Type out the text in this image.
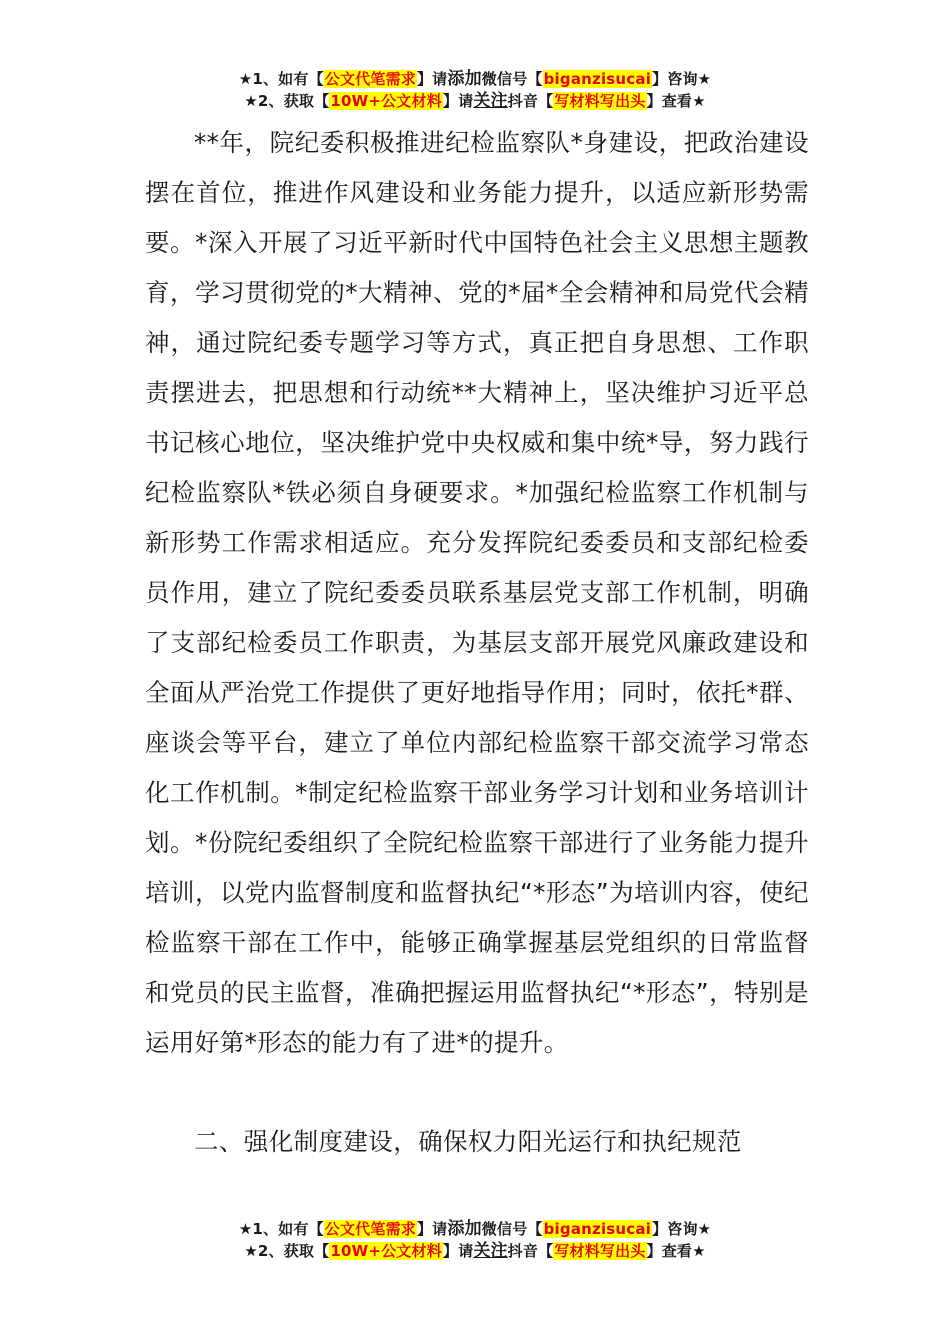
★1、如有【公文代笔需求】请添加微信号【biganzisucai】咨询★
★2、获取【10W+公文材料】请关注抖音【写材料写出头】查看★

**年，院纪委积极推进纪检监察队*身建设，把政治建设摆在首位，推进作风建设和业务能力提升，以适应新形势需要。*深入开展了习近平新时代中国特色社会主义思想主题教育，学习贯彻党的*大精神、党的*届*全会精神和局党代会精神，通过院纪委专题学习等方式，真正把自身思想、工作职责摆进去，把思想和行动统**大精神上，坚决维护习近平总书记核心地位，坚决维护党中央权威和集中统*导，努力践行纪检监察队*铁必须自身硬要求。*加强纪检监察工作机制与新形势工作需求相适应。充分发挥院纪委委员和支部纪检委员作用，建立了院纪委委员联系基层党支部工作机制，明确了支部纪检委员工作职责，为基层支部开展党风廉政建设和全面从严治党工作提供了更好地指导作用；同时，依托*群、座谈会等平台，建立了单位内部纪检监察干部交流学习常态化工作机制。*制定纪检监察干部业务学习计划和业务培训计划。*份院纪委组织了全院纪检监察干部进行了业务能力提升培训，以党内监督制度和监督执纪“*形态”为培训内容，使纪检监察干部在工作中，能够正确掌握基层党组织的日常监督和党员的民主监督，准确把握运用监督执纪“*形态”，特别是运用好第*形态的能力有了进*的提升。

二、强化制度建设，确保权力阳光运行和执纪规范
★1、如有【公文代笔需求】请添加微信号【biganzisucai】咨询★
★2、获取【10W+公文材料】请关注抖音【写材料写出头】查看★
